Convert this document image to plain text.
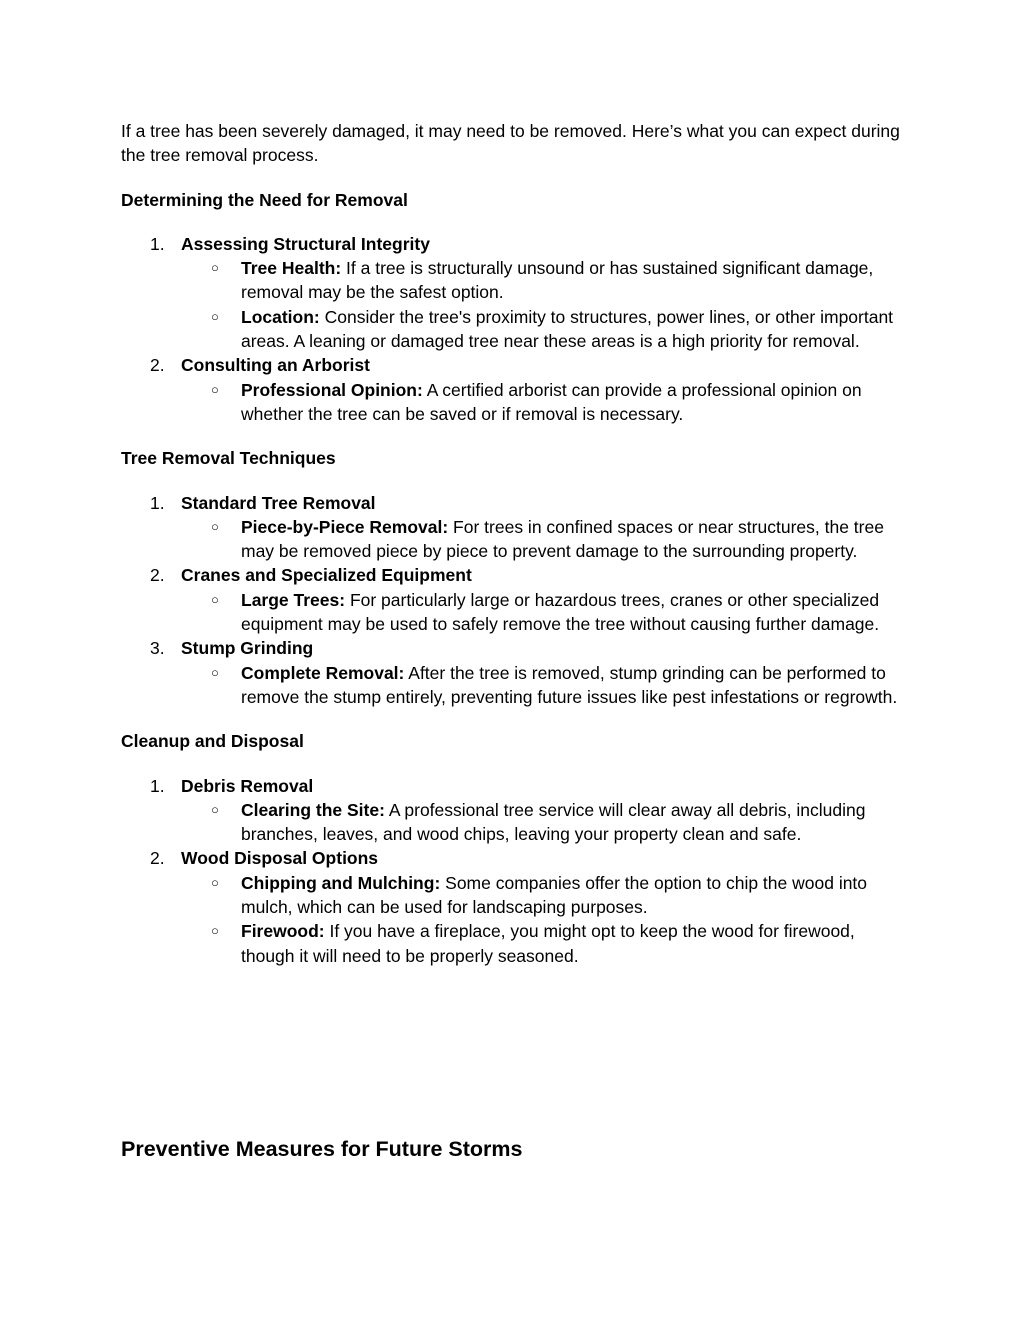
If a tree has been severely damaged, it may need to be removed. Here’s what you can expect during the tree removal process.

Determining the Need for Removal

1. Assessing Structural Integrity
○ Tree Health: If a tree is structurally unsound or has sustained significant damage, removal may be the safest option.
○ Location: Consider the tree's proximity to structures, power lines, or other important areas. A leaning or damaged tree near these areas is a high priority for removal.
2. Consulting an Arborist
○ Professional Opinion: A certified arborist can provide a professional opinion on whether the tree can be saved or if removal is necessary.

Tree Removal Techniques

1. Standard Tree Removal
○ Piece-by-Piece Removal: For trees in confined spaces or near structures, the tree may be removed piece by piece to prevent damage to the surrounding property.
2. Cranes and Specialized Equipment
○ Large Trees: For particularly large or hazardous trees, cranes or other specialized equipment may be used to safely remove the tree without causing further damage.
3. Stump Grinding
○ Complete Removal: After the tree is removed, stump grinding can be performed to remove the stump entirely, preventing future issues like pest infestations or regrowth.

Cleanup and Disposal

1. Debris Removal
○ Clearing the Site: A professional tree service will clear away all debris, including branches, leaves, and wood chips, leaving your property clean and safe.
2. Wood Disposal Options
○ Chipping and Mulching: Some companies offer the option to chip the wood into mulch, which can be used for landscaping purposes.
○ Firewood: If you have a fireplace, you might opt to keep the wood for firewood, though it will need to be properly seasoned.
Preventive Measures for Future Storms
